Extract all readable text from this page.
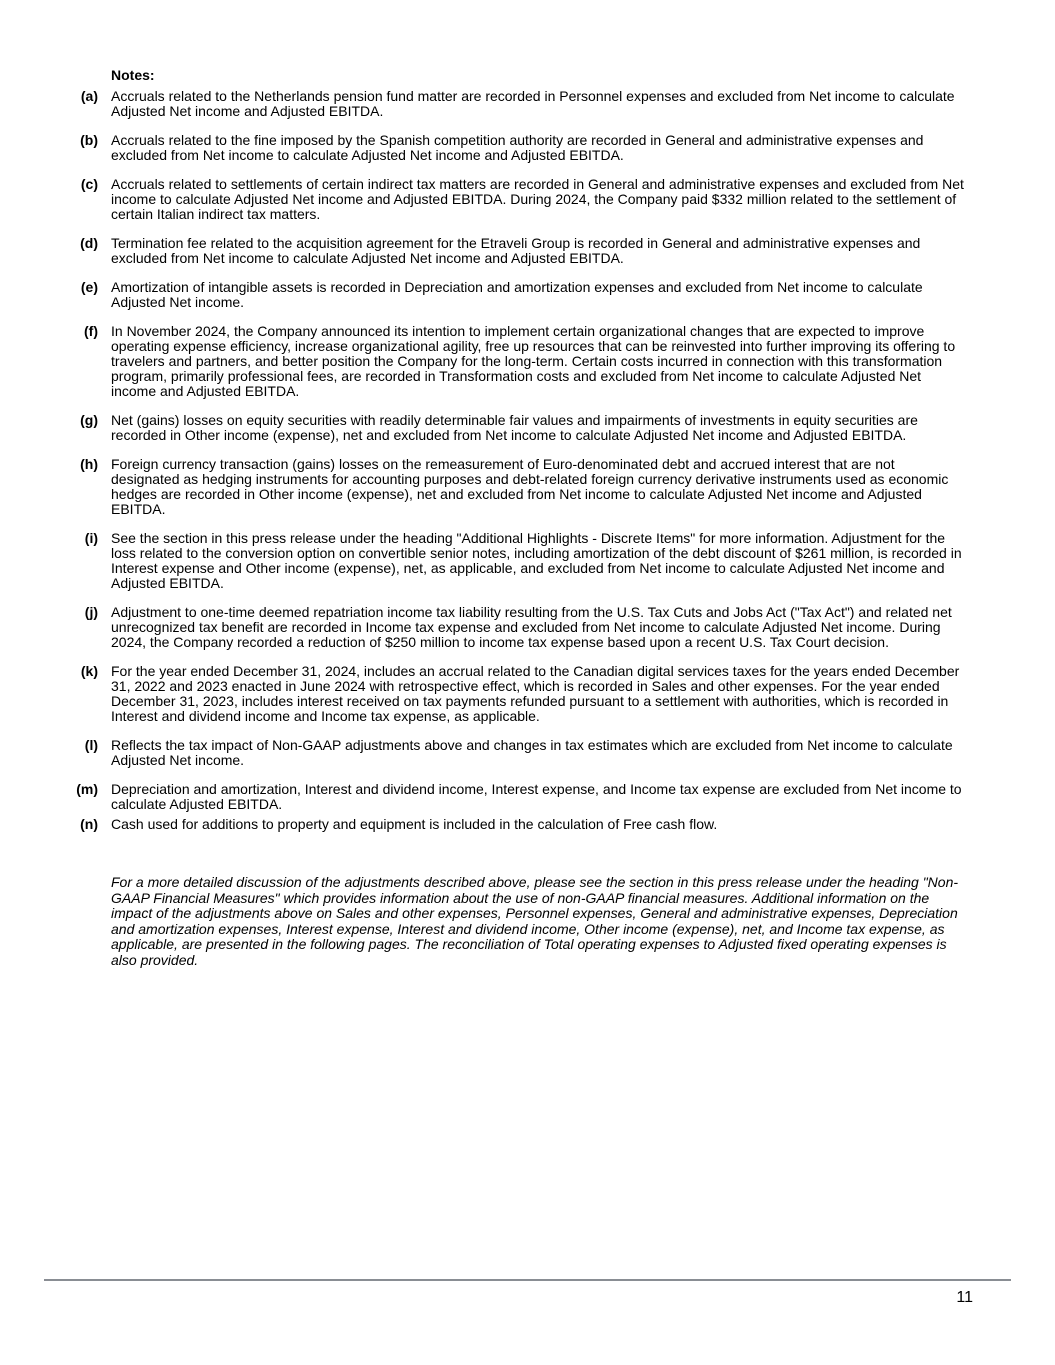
Notes:
(a) Accruals related to the Netherlands pension fund matter are recorded in Personnel expenses and excluded from Net income to calculate Adjusted Net income and Adjusted EBITDA.
(b) Accruals related to the fine imposed by the Spanish competition authority are recorded in General and administrative expenses and excluded from Net income to calculate Adjusted Net income and Adjusted EBITDA.
(c) Accruals related to settlements of certain indirect tax matters are recorded in General and administrative expenses and excluded from Net income to calculate Adjusted Net income and Adjusted EBITDA. During 2024, the Company paid $332 million related to the settlement of certain Italian indirect tax matters.
(d) Termination fee related to the acquisition agreement for the Etraveli Group is recorded in General and administrative expenses and excluded from Net income to calculate Adjusted Net income and Adjusted EBITDA.
(e) Amortization of intangible assets is recorded in Depreciation and amortization expenses and excluded from Net income to calculate Adjusted Net income.
(f) In November 2024, the Company announced its intention to implement certain organizational changes that are expected to improve operating expense efficiency, increase organizational agility, free up resources that can be reinvested into further improving its offering to travelers and partners, and better position the Company for the long-term. Certain costs incurred in connection with this transformation program, primarily professional fees, are recorded in Transformation costs and excluded from Net income to calculate Adjusted Net income and Adjusted EBITDA.
(g) Net (gains) losses on equity securities with readily determinable fair values and impairments of investments in equity securities are recorded in Other income (expense), net and excluded from Net income to calculate Adjusted Net income and Adjusted EBITDA.
(h) Foreign currency transaction (gains) losses on the remeasurement of Euro-denominated debt and accrued interest that are not designated as hedging instruments for accounting purposes and debt-related foreign currency derivative instruments used as economic hedges are recorded in Other income (expense), net and excluded from Net income to calculate Adjusted Net income and Adjusted EBITDA.
(i) See the section in this press release under the heading "Additional Highlights - Discrete Items" for more information. Adjustment for the loss related to the conversion option on convertible senior notes, including amortization of the debt discount of $261 million, is recorded in Interest expense and Other income (expense), net, as applicable, and excluded from Net income to calculate Adjusted Net income and Adjusted EBITDA.
(j) Adjustment to one-time deemed repatriation income tax liability resulting from the U.S. Tax Cuts and Jobs Act ("Tax Act") and related net unrecognized tax benefit are recorded in Income tax expense and excluded from Net income to calculate Adjusted Net income. During 2024, the Company recorded a reduction of $250 million to income tax expense based upon a recent U.S. Tax Court decision.
(k) For the year ended December 31, 2024, includes an accrual related to the Canadian digital services taxes for the years ended December 31, 2022 and 2023 enacted in June 2024 with retrospective effect, which is recorded in Sales and other expenses. For the year ended December 31, 2023, includes interest received on tax payments refunded pursuant to a settlement with authorities, which is recorded in Interest and dividend income and Income tax expense, as applicable.
(l) Reflects the tax impact of Non-GAAP adjustments above and changes in tax estimates which are excluded from Net income to calculate Adjusted Net income.
(m) Depreciation and amortization, Interest and dividend income, Interest expense, and Income tax expense are excluded from Net income to calculate Adjusted EBITDA.
(n) Cash used for additions to property and equipment is included in the calculation of Free cash flow.
For a more detailed discussion of the adjustments described above, please see the section in this press release under the heading "Non-GAAP Financial Measures" which provides information about the use of non-GAAP financial measures. Additional information on the impact of the adjustments above on Sales and other expenses, Personnel expenses, General and administrative expenses, Depreciation and amortization expenses, Interest expense, Interest and dividend income, Other income (expense), net, and Income tax expense, as applicable, are presented in the following pages. The reconciliation of Total operating expenses to Adjusted fixed operating expenses is also provided.
11
